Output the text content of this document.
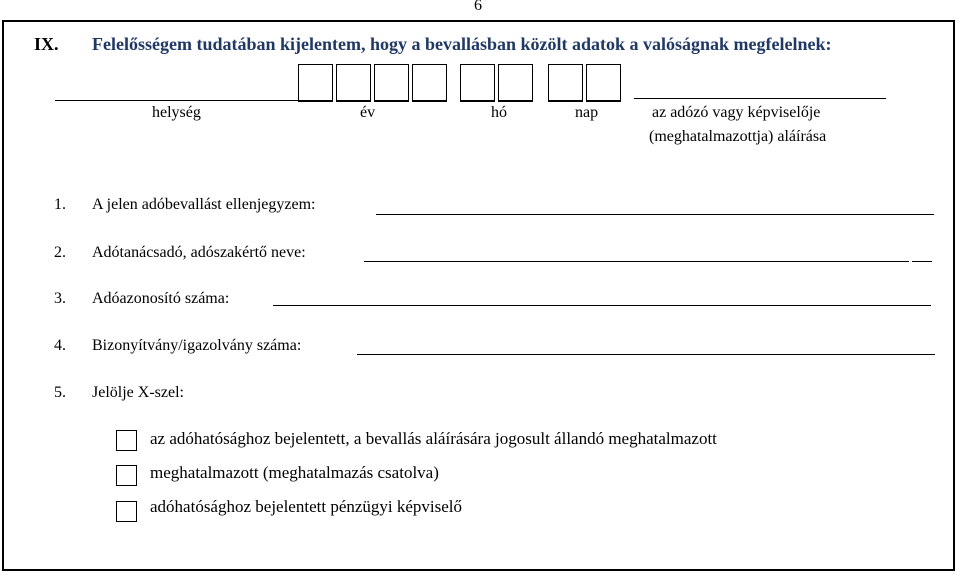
6
IX. Felelősségem tudatában kijelentem, hogy a bevallásban közölt adatok a valóságnak megfelelnek:
helység	év	hó	nap	az adózó vagy képviselője
(meghatalmazottja) aláírása
1. A jelen adóbevallást ellenjegyzem:
2. Adótanácsadó, adószakértő neve:
3. Adóazonosító száma:
4. Bizonyítvány/igazolvány száma:
5. Jelölje X-szel:
az adóhatósághoz bejelentett, a bevallás aláírására jogosult állandó meghatalmazott
meghatalmazott (meghatalmazás csatolva)
adóhatósághoz bejelentett pénzügyi képviselő
